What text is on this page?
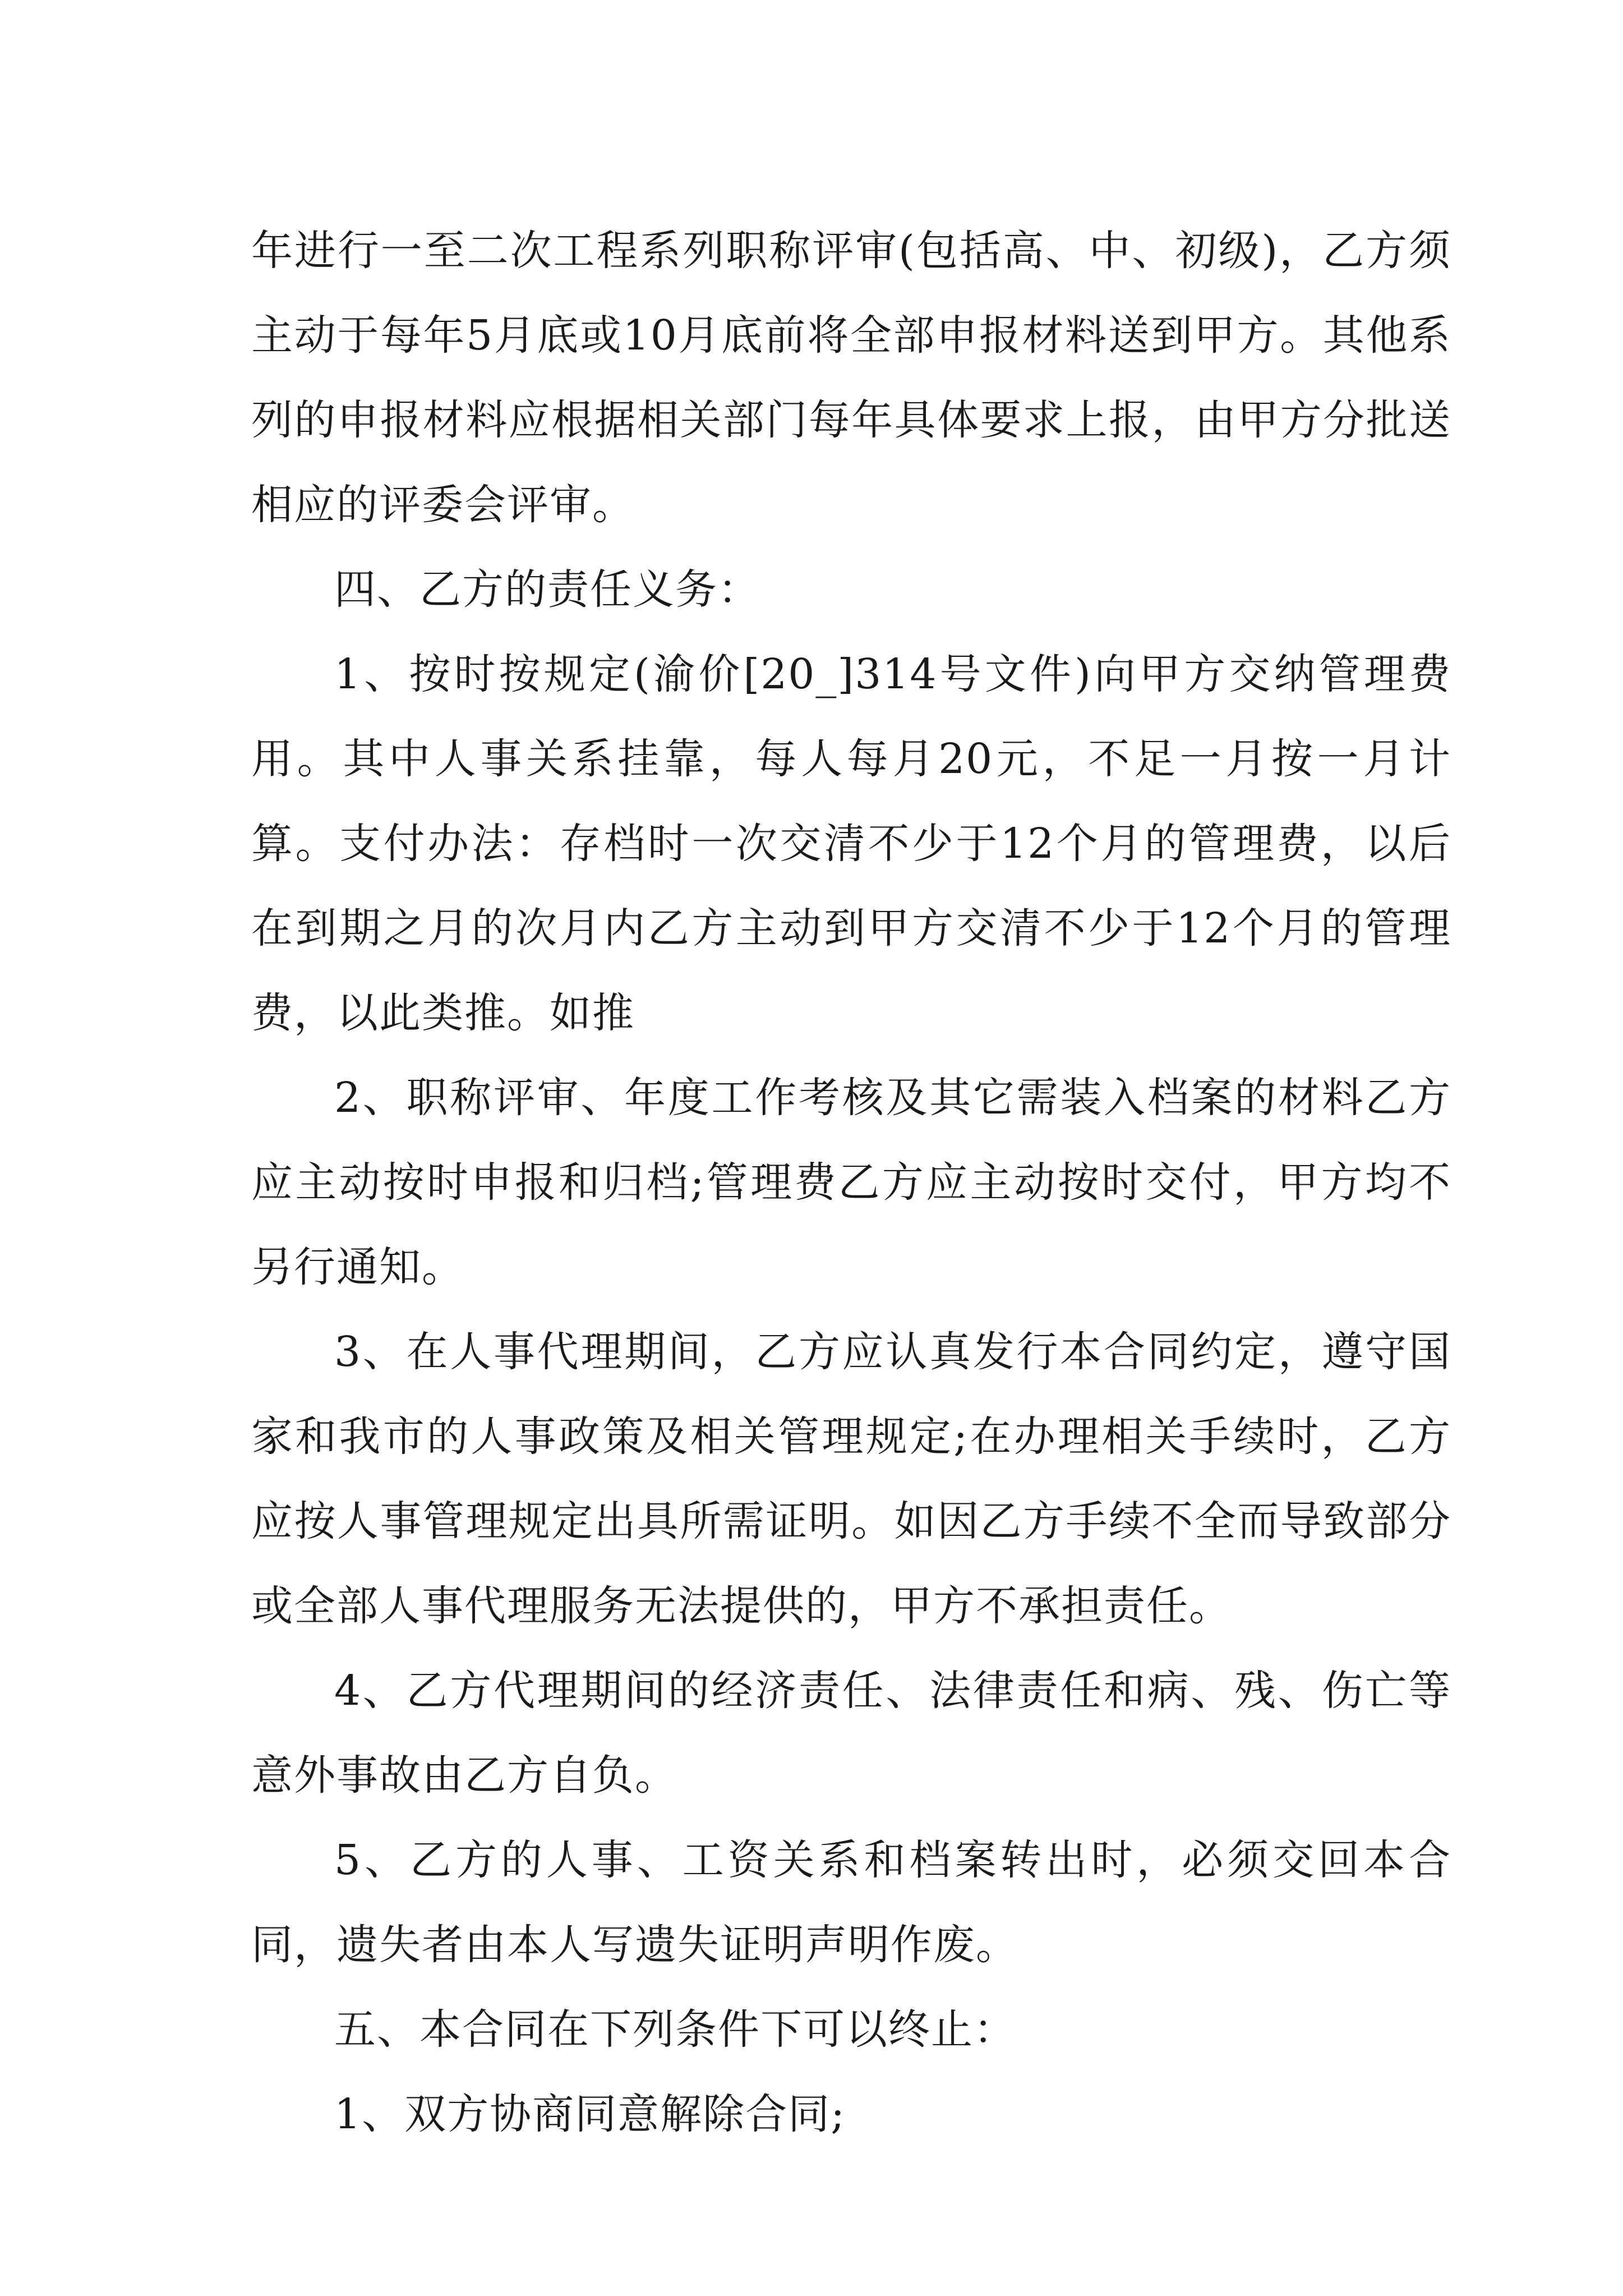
年进行一至二次工程系列职称评审(包括高、中、初级)，乙方须主动于每年5月底或10月底前将全部申报材料送到甲方。其他系列的申报材料应根据相关部门每年具体要求上报，由甲方分批送相应的评委会评审。

四、乙方的责任义务：

1、按时按规定(渝价[20_]314号文件)向甲方交纳管理费用。其中人事关系挂靠，每人每月20元，不足一月按一月计算。支付办法：存档时一次交清不少于12个月的管理费，以后在到期之月的次月内乙方主动到甲方交清不少于12个月的管理费，以此类推。如推

2、职称评审、年度工作考核及其它需装入档案的材料乙方应主动按时申报和归档;管理费乙方应主动按时交付，甲方均不另行通知。

3、在人事代理期间，乙方应认真发行本合同约定，遵守国家和我市的人事政策及相关管理规定;在办理相关手续时，乙方应按人事管理规定出具所需证明。如因乙方手续不全而导致部分或全部人事代理服务无法提供的，甲方不承担责任。

4、乙方代理期间的经济责任、法律责任和病、残、伤亡等意外事故由乙方自负。

5、乙方的人事、工资关系和档案转出时，必须交回本合同，遗失者由本人写遗失证明声明作废。

五、本合同在下列条件下可以终止：

1、双方协商同意解除合同;
